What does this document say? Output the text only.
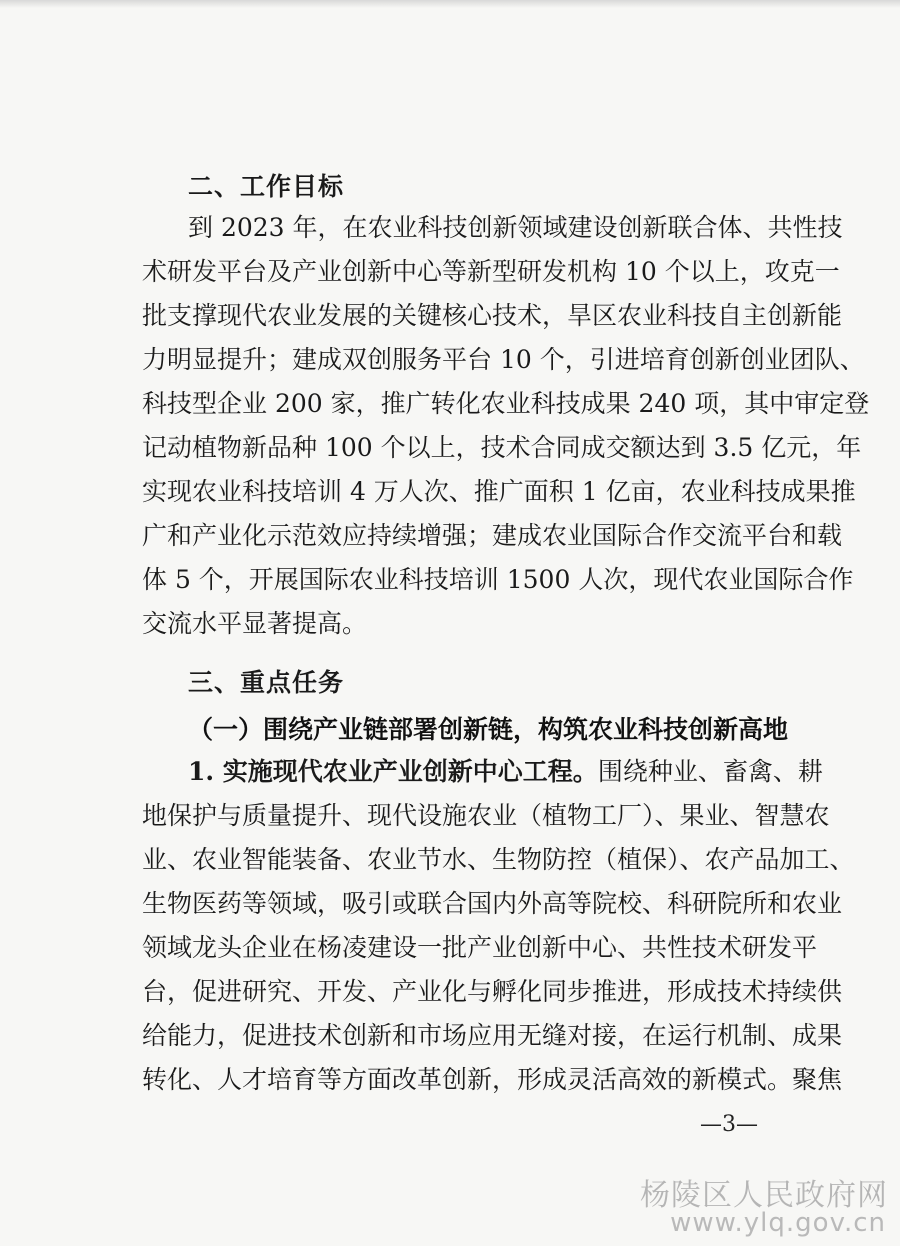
二、工作目标
到 2023 年，在农业科技创新领域建设创新联合体、共性技
术研发平台及产业创新中心等新型研发机构 10 个以上，攻克一
批支撑现代农业发展的关键核心技术，旱区农业科技自主创新能
力明显提升；建成双创服务平台 10 个，引进培育创新创业团队、
科技型企业 200 家，推广转化农业科技成果 240 项，其中审定登
记动植物新品种 100 个以上，技术合同成交额达到 3.5 亿元，年
实现农业科技培训 4 万人次、推广面积 1 亿亩，农业科技成果推
广和产业化示范效应持续增强；建成农业国际合作交流平台和载
体 5 个，开展国际农业科技培训 1500 人次，现代农业国际合作
交流水平显著提高。
三、重点任务
（一）围绕产业链部署创新链，构筑农业科技创新高地
1. 实施现代农业产业创新中心工程。围绕种业、畜禽、耕
地保护与质量提升、现代设施农业（植物工厂）、果业、智慧农
业、农业智能装备、农业节水、生物防控（植保）、农产品加工、
生物医药等领域，吸引或联合国内外高等院校、科研院所和农业
领域龙头企业在杨凌建设一批产业创新中心、共性技术研发平
台，促进研究、开发、产业化与孵化同步推进，形成技术持续供
给能力，促进技术创新和市场应用无缝对接，在运行机制、成果
转化、人才培育等方面改革创新，形成灵活高效的新模式。聚焦
—3—
杨陵区人民政府网
www.ylq.gov.cn
